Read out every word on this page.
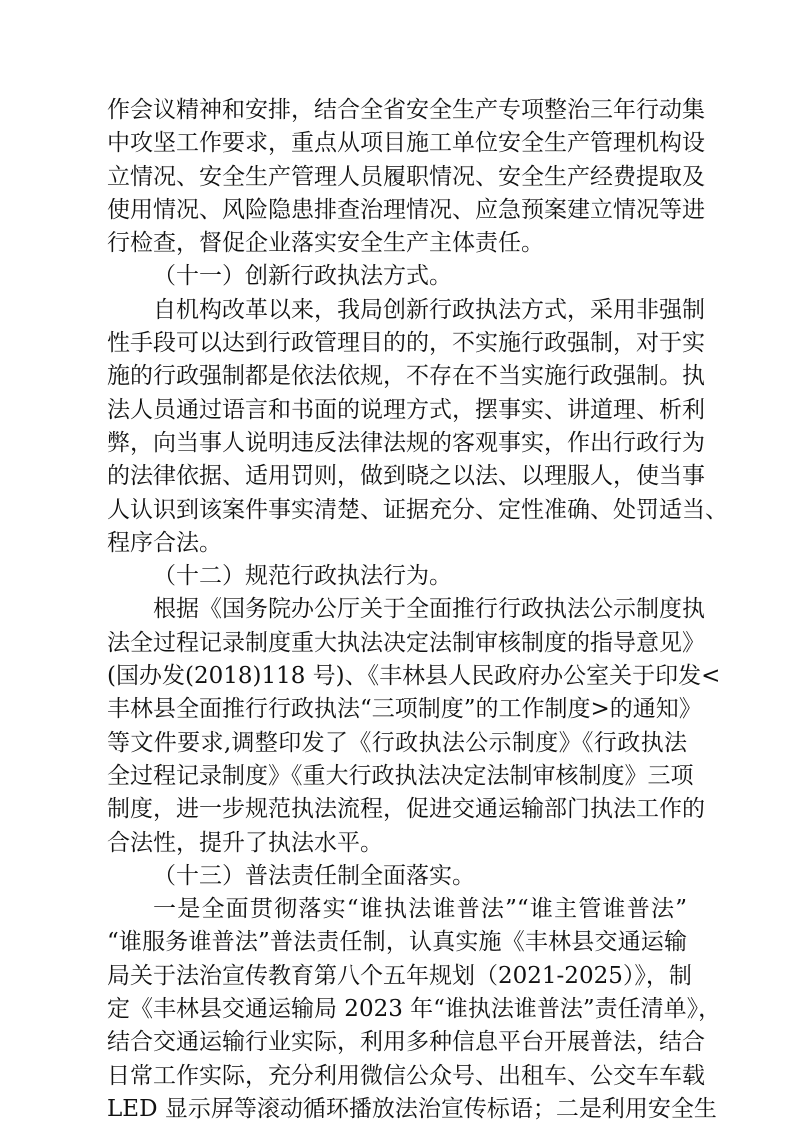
作会议精神和安排，结合全省安全生产专项整治三年行动集
中攻坚工作要求，重点从项目施工单位安全生产管理机构设
立情况、安全生产管理人员履职情况、安全生产经费提取及
使用情况、风险隐患排查治理情况、应急预案建立情况等进
行检查，督促企业落实安全生产主体责任。
（十一）创新行政执法方式。
自机构改革以来，我局创新行政执法方式，采用非强制
性手段可以达到行政管理目的的，不实施行政强制，对于实
施的行政强制都是依法依规，不存在不当实施行政强制。执
法人员通过语言和书面的说理方式，摆事实、讲道理、析利
弊，向当事人说明违反法律法规的客观事实，作出行政行为
的法律依据、适用罚则，做到晓之以法、以理服人，使当事
人认识到该案件事实清楚、证据充分、定性准确、处罚适当、
程序合法。
（十二）规范行政执法行为。
根据《国务院办公厅关于全面推行行政执法公示制度执
法全过程记录制度重大执法决定法制审核制度的指导意见》
(国办发(2018)118 号)、《丰林县人民政府办公室关于印发<
丰林县全面推行行政执法“三项制度”的工作制度>的通知》
等文件要求,调整印发了《行政执法公示制度》《行政执法
全过程记录制度》《重大行政执法决定法制审核制度》三项
制度，进一步规范执法流程，促进交通运输部门执法工作的
合法性，提升了执法水平。
（十三）普法责任制全面落实。
一是全面贯彻落实“谁执法谁普法”“谁主管谁普法”
“谁服务谁普法”普法责任制，认真实施《丰林县交通运输
局关于法治宣传教育第八个五年规划（2021-2025）》，制
定《丰林县交通运输局 2023 年“谁执法谁普法”责任清单》，
结合交通运输行业实际，利用多种信息平台开展普法，结合
日常工作实际，充分利用微信公众号、出租车、公交车车载
LED 显示屏等滚动循环播放法治宣传标语；二是利用安全生
